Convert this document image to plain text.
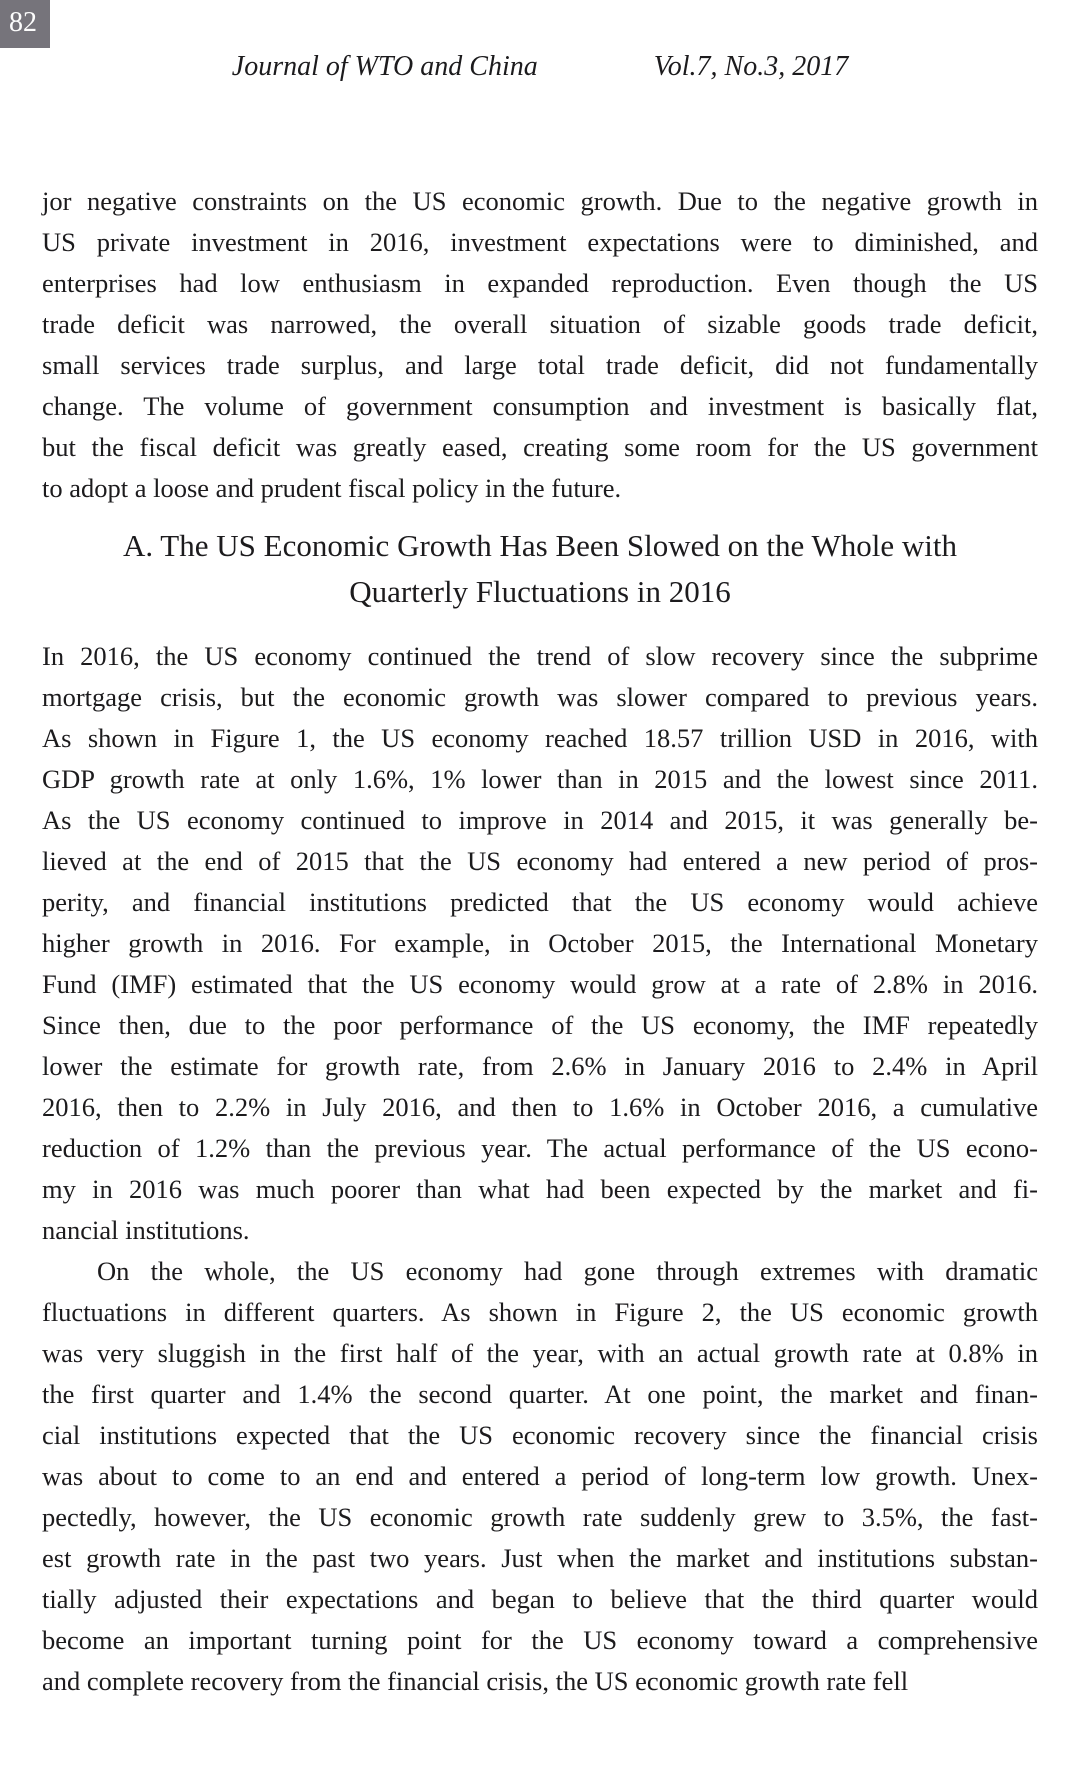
82
Journal of WTO and China	Vol.7, No.3, 2017
jor negative constraints on the US economic growth. Due to the negative growth in
US private investment in 2016, investment expectations were to diminished, and
enterprises had low enthusiasm in expanded reproduction. Even though the US
trade deficit was narrowed, the overall situation of sizable goods trade deficit,
small services trade surplus, and large total trade deficit, did not fundamentally
change. The volume of government consumption and investment is basically flat,
but the fiscal deficit was greatly eased, creating some room for the US government
to adopt a loose and prudent fiscal policy in the future.
A. The US Economic Growth Has Been Slowed on the Whole with
Quarterly Fluctuations in 2016
In 2016, the US economy continued the trend of slow recovery since the subprime
mortgage crisis, but the economic growth was slower compared to previous years.
As shown in Figure 1, the US economy reached 18.57 trillion USD in 2016, with
GDP growth rate at only 1.6%, 1% lower than in 2015 and the lowest since 2011.
As the US economy continued to improve in 2014 and 2015, it was generally be-
lieved at the end of 2015 that the US economy had entered a new period of pros-
perity, and financial institutions predicted that the US economy would achieve
higher growth in 2016. For example, in October 2015, the International Monetary
Fund (IMF) estimated that the US economy would grow at a rate of 2.8% in 2016.
Since then, due to the poor performance of the US economy, the IMF repeatedly
lower the estimate for growth rate, from 2.6% in January 2016 to 2.4% in April
2016, then to 2.2% in July 2016, and then to 1.6% in October 2016, a cumulative
reduction of 1.2% than the previous year. The actual performance of the US econo-
my in 2016 was much poorer than what had been expected by the market and fi-
nancial institutions.
On the whole, the US economy had gone through extremes with dramatic
fluctuations in different quarters. As shown in Figure 2, the US economic growth
was very sluggish in the first half of the year, with an actual growth rate at 0.8% in
the first quarter and 1.4% the second quarter. At one point, the market and finan-
cial institutions expected that the US economic recovery since the financial crisis
was about to come to an end and entered a period of long-term low growth. Unex-
pectedly, however, the US economic growth rate suddenly grew to 3.5%, the fast-
est growth rate in the past two years. Just when the market and institutions substan-
tially adjusted their expectations and began to believe that the third quarter would
become an important turning point for the US economy toward a comprehensive
and complete recovery from the financial crisis, the US economic growth rate fell
